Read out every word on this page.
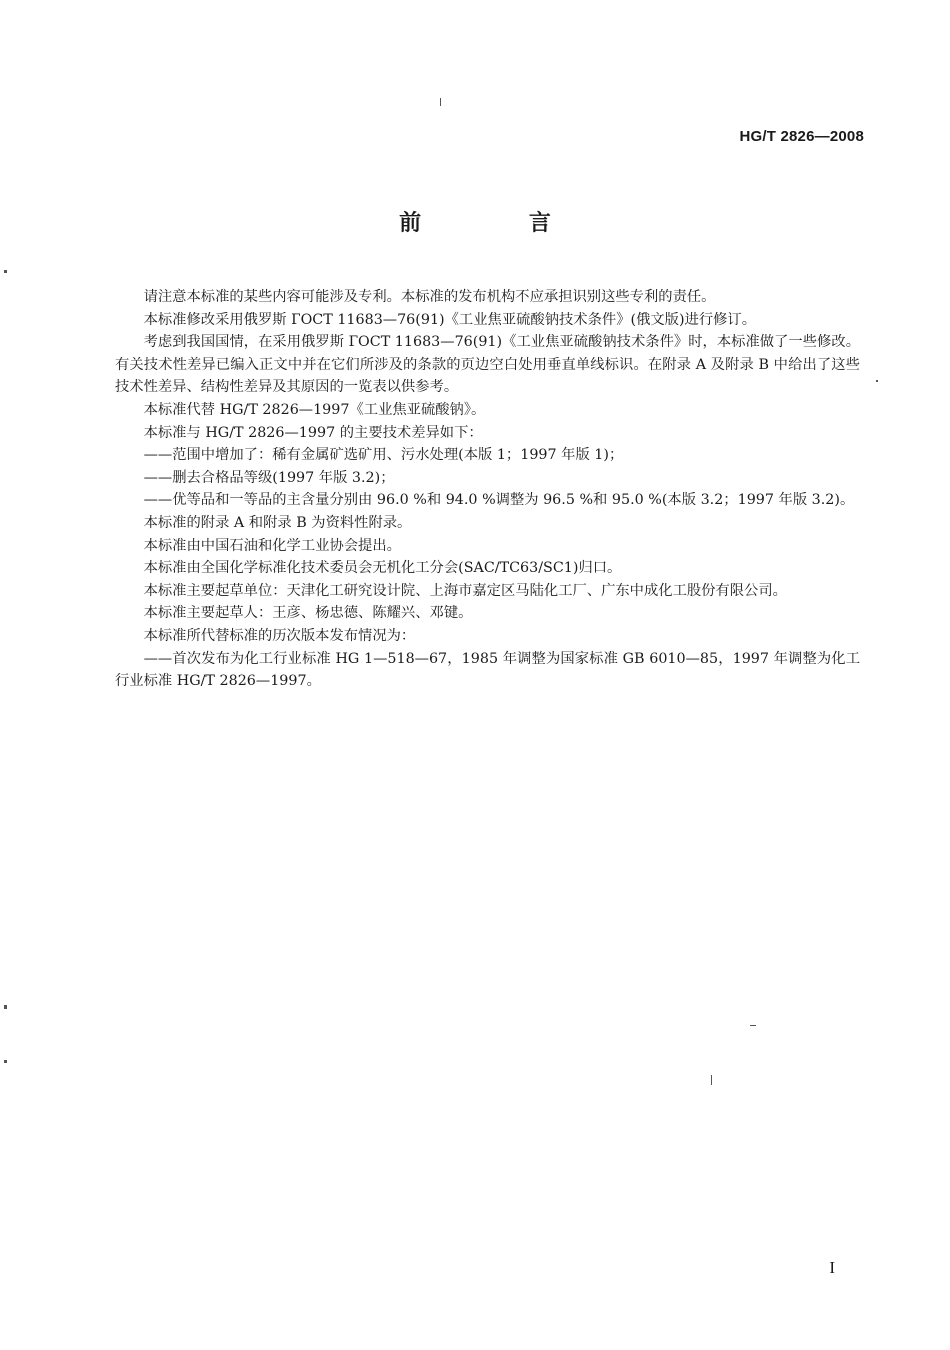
HG/T 2826—2008
前 言

请注意本标准的某些内容可能涉及专利。本标准的发布机构不应承担识别这些专利的责任。

本标准修改采用俄罗斯 ГОСТ 11683—76(91)《工业焦亚硫酸钠技术条件》(俄文版)进行修订。

考虑到我国国情，在采用俄罗斯 ГОСТ 11683—76(91)《工业焦亚硫酸钠技术条件》时，本标准做了一些修改。有关技术性差异已编入正文中并在它们所涉及的条款的页边空白处用垂直单线标识。在附录 A 及附录 B 中给出了这些技术性差异、结构性差异及其原因的一览表以供参考。

本标准代替 HG/T 2826—1997《工业焦亚硫酸钠》。

本标准与 HG/T 2826—1997 的主要技术差异如下：

——范围中增加了：稀有金属矿选矿用、污水处理(本版 1；1997 年版 1)；

——删去合格品等级(1997 年版 3.2)；

——优等品和一等品的主含量分别由 96.0 %和 94.0 %调整为 96.5 %和 95.0 %(本版 3.2；1997 年版 3.2)。

本标准的附录 A 和附录 B 为资料性附录。

本标准由中国石油和化学工业协会提出。

本标准由全国化学标准化技术委员会无机化工分会(SAC/TC63/SC1)归口。

本标准主要起草单位：天津化工研究设计院、上海市嘉定区马陆化工厂、广东中成化工股份有限公司。

本标准主要起草人：王彦、杨忠德、陈耀兴、邓键。

本标准所代替标准的历次版本发布情况为：

——首次发布为化工行业标准 HG 1—518—67，1985 年调整为国家标准 GB 6010—85，1997 年调整为化工行业标准 HG/T 2826—1997。

I
